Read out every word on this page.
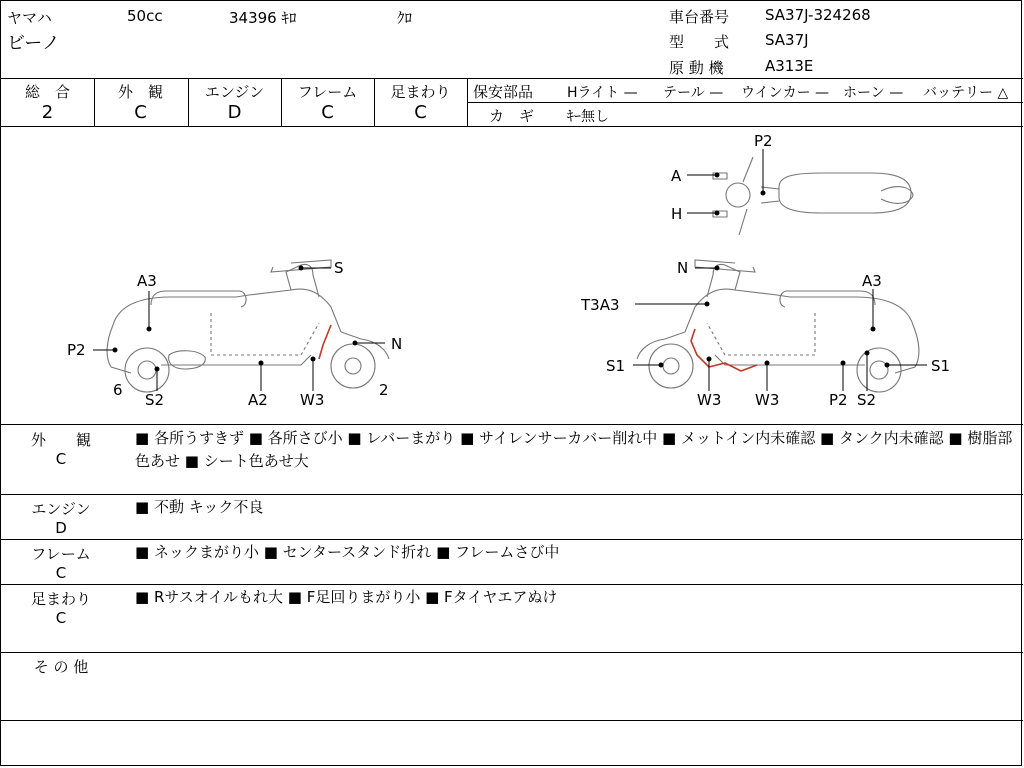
ヤマハ	50cc	34396 ｷﾛ	ｸﾛ
ビーノ
車台番号 SA37J-324268
型　　式 SA37J
原 動 機	A313E
総　合
2
外　観
C
エンジン
D
フレーム
C
足まわり
C
保安部品 Hライト — テール — ウインカー — ホーン — バッテリー △
カ　ギ ｷｰ無し
S
A3
P2	N
6
S2	A2 W3
2
N
A3
T3A3
S1	S1
W3 W3	P2 S2
P2
A
H
外　　観
C
■ 各所うすきず ■ 各所さび小 ■ レバーまがり ■ サイレンサーカバー削れ中 ■ メットイン内未確認 ■ タンク内未確認 ■ 樹脂部色あせ ■ シート色あせ大
エンジン
D
■ 不動 キック不良
フレーム
C
■ ネックまがり小 ■ センタースタンド折れ ■ フレームさび中
足まわり
C
■ Rサスオイルもれ大 ■ F足回りまがり小 ■ Fタイヤエアぬけ
そ の 他
